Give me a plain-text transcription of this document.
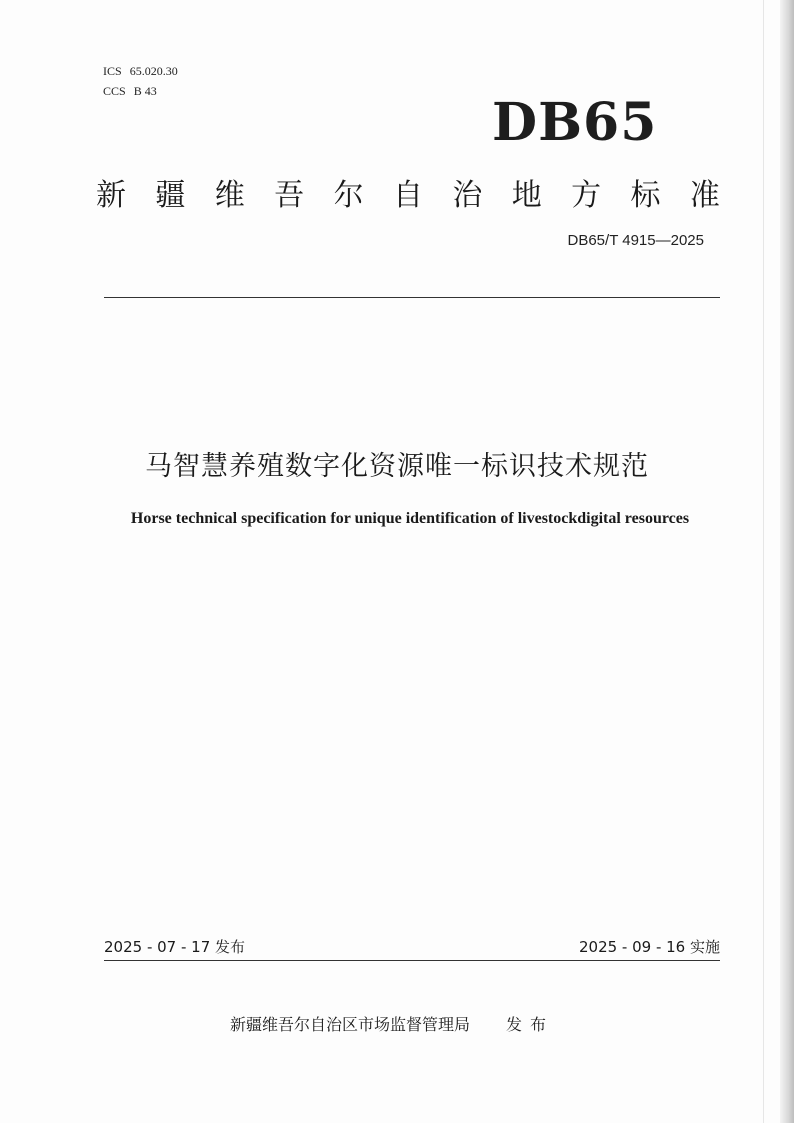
ICS 65.020.30
CCS B 43
DB65
新 疆 维 吾 尔 自 治 地 方 标 准
DB65/T 4915—2025
马智慧养殖数字化资源唯一标识技术规范
Horse technical specification for unique identification of livestockdigital resources
2025 - 07 - 17 发布	2025 - 09 - 16 实施
新疆维吾尔自治区市场监督管理局 发布
